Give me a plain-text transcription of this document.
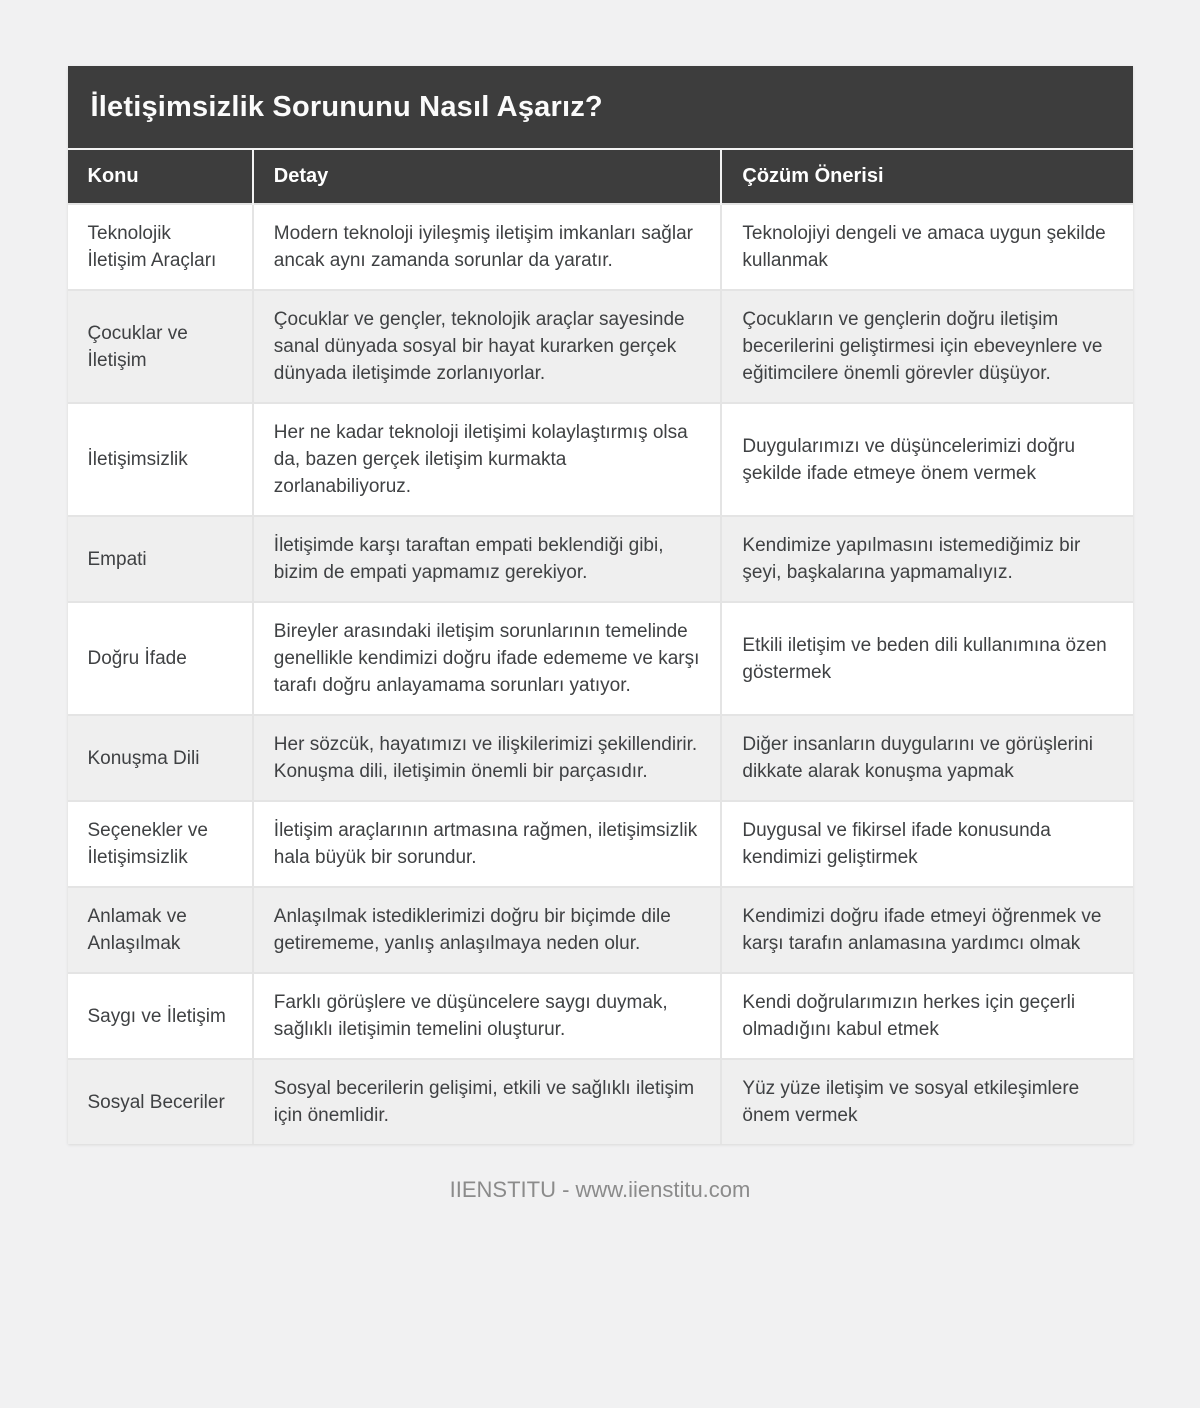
İletişimsizlik Sorununu Nasıl Aşarız?
Konu	Detay	Çözüm Önerisi
Teknolojik İletişim Araçları	Modern teknoloji iyileşmiş iletişim imkanları sağlar ancak aynı zamanda sorunlar da yaratır.	Teknolojiyi dengeli ve amaca uygun şekilde kullanmak
Çocuklar ve İletişim	Çocuklar ve gençler, teknolojik araçlar sayesinde sanal dünyada sosyal bir hayat kurarken gerçek dünyada iletişimde zorlanıyorlar.	Çocukların ve gençlerin doğru iletişim becerilerini geliştirmesi için ebeveynlere ve eğitimcilere önemli görevler düşüyor.
İletişimsizlik	Her ne kadar teknoloji iletişimi kolaylaştırmış olsa da, bazen gerçek iletişim kurmakta zorlanabiliyoruz.	Duygularımızı ve düşüncelerimizi doğru şekilde ifade etmeye önem vermek
Empati	İletişimde karşı taraftan empati beklendiği gibi, bizim de empati yapmamız gerekiyor.	Kendimize yapılmasını istemediğimiz bir şeyi, başkalarına yapmamalıyız.
Doğru İfade	Bireyler arasındaki iletişim sorunlarının temelinde genellikle kendimizi doğru ifade edememe ve karşı tarafı doğru anlayamama sorunları yatıyor.	Etkili iletişim ve beden dili kullanımına özen göstermek
Konuşma Dili	Her sözcük, hayatımızı ve ilişkilerimizi şekillendirir. Konuşma dili, iletişimin önemli bir parçasıdır.	Diğer insanların duygularını ve görüşlerini dikkate alarak konuşma yapmak
Seçenekler ve İletişimsizlik	İletişim araçlarının artmasına rağmen, iletişimsizlik hala büyük bir sorundur.	Duygusal ve fikirsel ifade konusunda kendimizi geliştirmek
Anlamak ve Anlaşılmak	Anlaşılmak istediklerimizi doğru bir biçimde dile getirememe, yanlış anlaşılmaya neden olur.	Kendimizi doğru ifade etmeyi öğrenmek ve karşı tarafın anlamasına yardımcı olmak
Saygı ve İletişim	Farklı görüşlere ve düşüncelere saygı duymak, sağlıklı iletişimin temelini oluşturur.	Kendi doğrularımızın herkes için geçerli olmadığını kabul etmek
Sosyal Beceriler	Sosyal becerilerin gelişimi, etkili ve sağlıklı iletişim için önemlidir.	Yüz yüze iletişim ve sosyal etkileşimlere önem vermek
IIENSTITU - www.iienstitu.com
